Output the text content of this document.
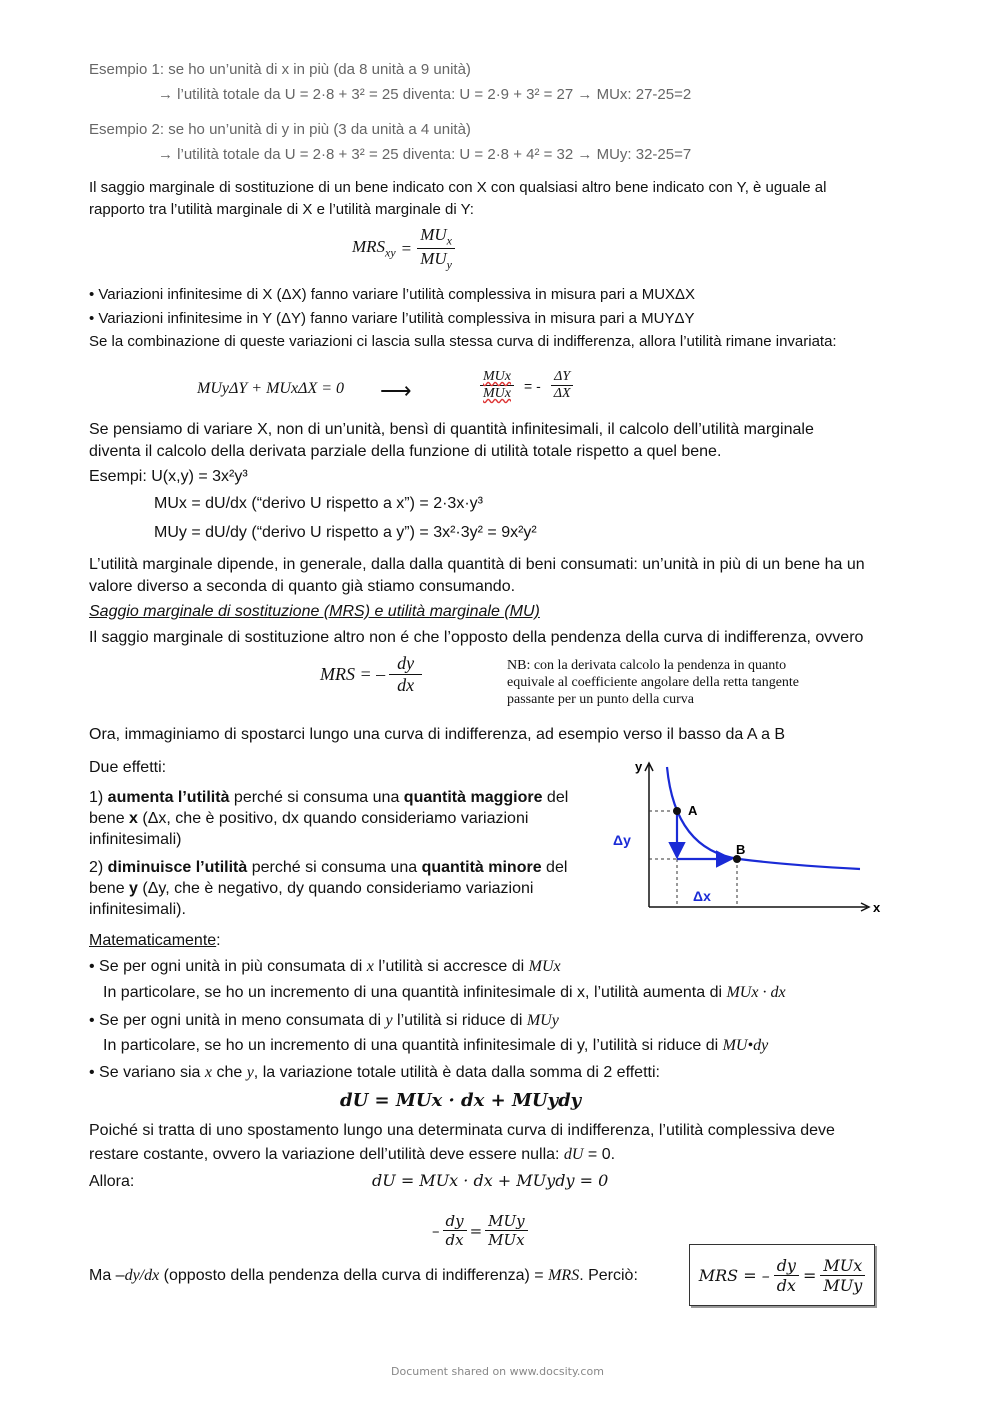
Esempio 1: se ho un’unità di x in più (da 8 unità a 9 unità)
→ l’utilità totale da U = 2·8 + 3² = 25 diventa: U = 2·9 + 3² = 27 → MUx: 27-25=2
Esempio 2: se ho un’unità di y in più (3 da unità a 4 unità)
→ l’utilità totale da U = 2·8 + 3² = 25 diventa: U = 2·8 + 4² = 32 → MUy: 32-25=7
Il saggio marginale di sostituzione di un bene indicato con X con qualsiasi altro bene indicato con Y, è uguale al
rapporto tra l’utilità marginale di X e l’utilità marginale di Y:
$MRS_{xy} = \frac{MU_x}{MU_y}$
• Variazioni infinitesime di X (ΔX) fanno variare l’utilità complessiva in misura pari a MUXΔX
• Variazioni infinitesime in Y (ΔY) fanno variare l’utilità complessiva in misura pari a MUYΔY
Se la combinazione di queste variazioni ci lascia sulla stessa curva di indifferenza, allora l’utilità rimane invariata:
MUyΔY + MUxΔX = 0 ⟶	$\frac{\text{MUx}}{\text{MUx}}$ = - $\frac{\Delta Y}{\Delta X}$
Se pensiamo di variare X, non di un’unità, bensì di quantità infinitesimali, il calcolo dell’utilità marginale
diventa il calcolo della derivata parziale della funzione di utilità totale rispetto a quel bene.
Esempi: U(x,y) = 3x²y³
MUx = dU/dx (“derivo U rispetto a x”) = 2·3x·y³
MUy = dU/dy (“derivo U rispetto a y”) = 3x²·3y² = 9x²y²
L’utilità marginale dipende, in generale, dalla dalla quantità di beni consumati: un’unità in più di un bene ha un
valore diverso a seconda di quanto già stiamo consumando.
Saggio marginale di sostituzione (MRS) e utilità marginale (MU)
Il saggio marginale di sostituzione altro non é che l’opposto della pendenza della curva di indifferenza, ovvero
MRS = – $\frac{dy}{dx}$	NB: con la derivata calcolo la pendenza in quanto
equivale al coefficiente angolare della retta tangente
passante per un punto della curva
Ora, immaginiamo di spostarci lungo una curva di indifferenza, ad esempio verso il basso da A a B
Due effetti:
1) aumenta l’utilità perché si consuma una quantità maggiore del
bene x (Δx, che è positivo, dx quando consideriamo variazioni
infinitesimali)
2) diminuisce l’utilità perché si consuma una quantità minore del
bene y (Δy, che è negativo, dy quando consideriamo variazioni
infinitesimali).
y
x
A
B
Δy
Δx
Matematicamente:
• Se per ogni unità in più consumata di x l’utilità si accresce di MUx
In particolare, se ho un incremento di una quantità infinitesimale di x, l’utilità aumenta di MUx · dx
• Se per ogni unità in meno consumata di y l’utilità si riduce di MUy
In particolare, se ho un incremento di una quantità infinitesimale di y, l’utilità si riduce di MU•dy
• Se variano sia x che y, la variazione totale utilità è data dalla somma di 2 effetti:
dU = MUx · dx + MUydy
Poiché si tratta di uno spostamento lungo una determinata curva di indifferenza, l’utilità complessiva deve
restare costante, ovvero la variazione dell’utilità deve essere nulla: dU = 0.
Allora:	dU = MUx · dx + MUydy = 0
– $\frac{dy}{dx} = \frac{\text{MUy}}{\text{MUx}}$
Ma –dy/dx (opposto della pendenza della curva di indifferenza) = MRS. Perciò:	MRS = – $\frac{dy}{dx} = \frac{\text{MUx}}{\text{MUy}}$
Document shared on www.docsity.com
